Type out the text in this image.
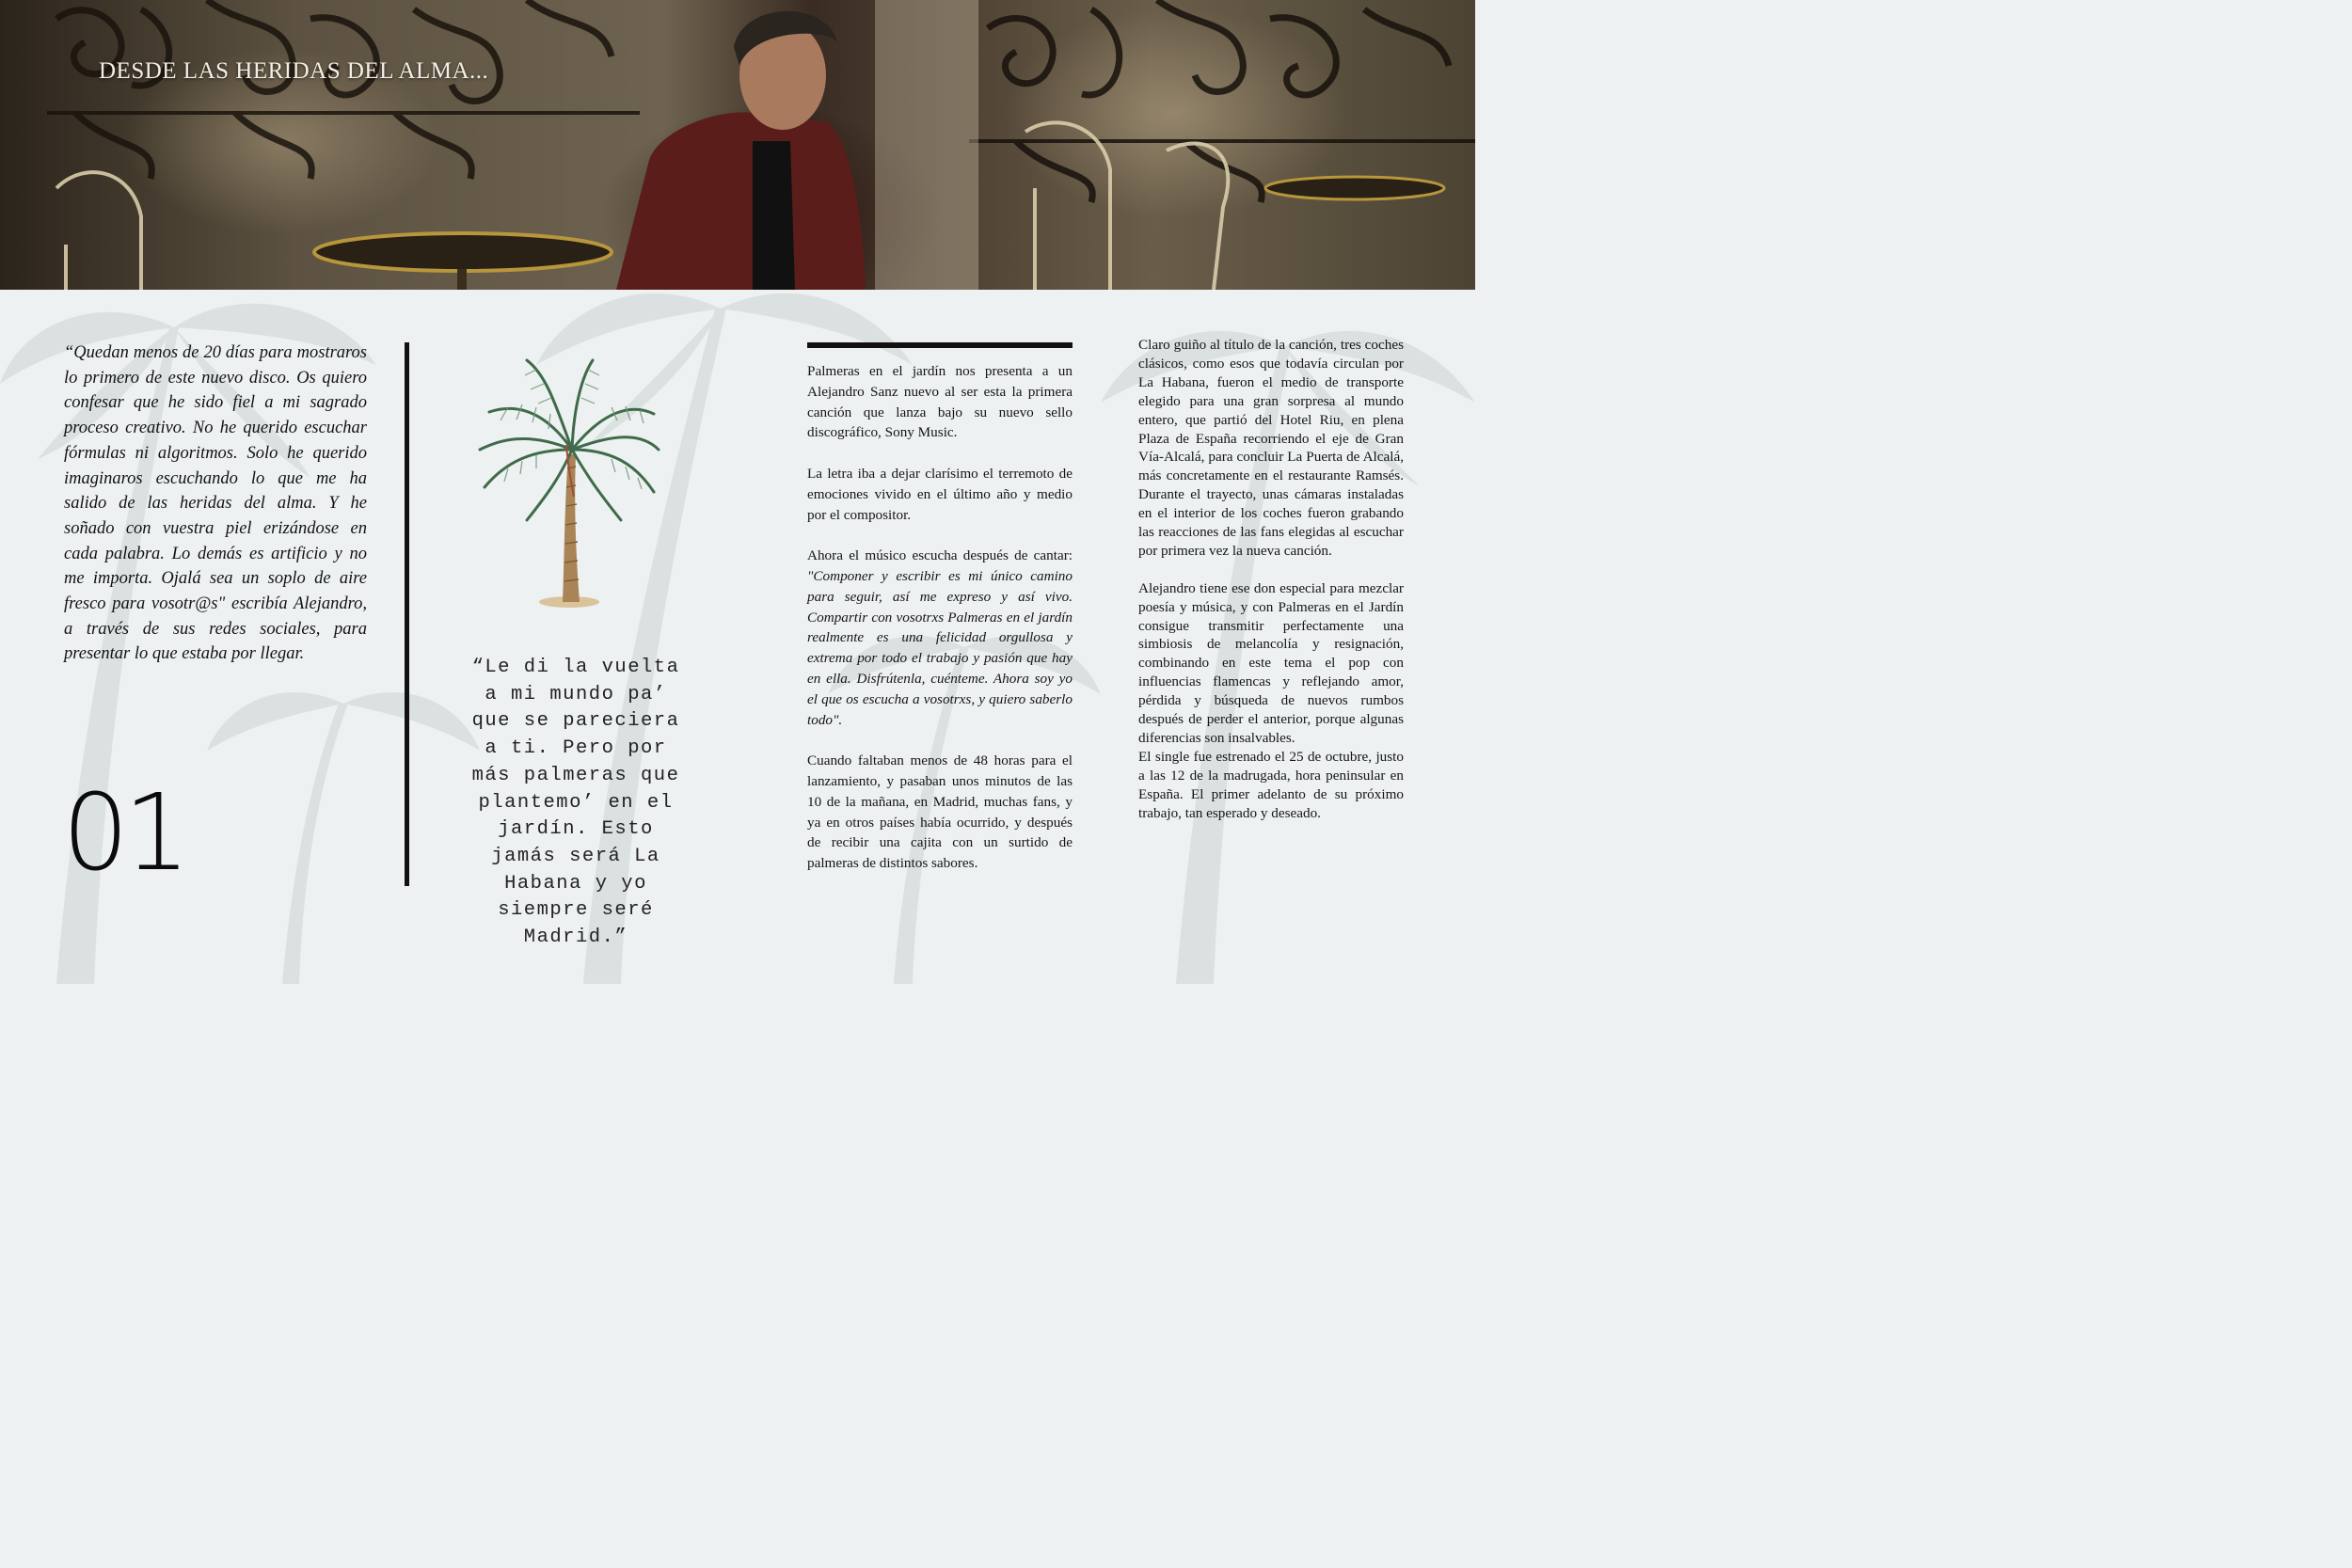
DESDE LAS HERIDAS DEL ALMA...
“Quedan menos de 20 días para mostraros lo primero de este nuevo disco. Os quiero confesar que he sido fiel a mi sagrado proceso creativo. No he querido escuchar fórmulas ni algoritmos. Solo he querido imaginaros escuchando lo que me ha salido de las heridas del alma. Y he soñado con vuestra piel erizándose en cada palabra. Lo demás es artificio y no me importa. Ojalá sea un soplo de aire fresco para vosotr@s" escribía Alejandro, a través de sus redes sociales, para presentar lo que estaba por llegar.
01
“Le di la vuelta a mi mundo pa’ que se pareciera a ti. Pero por más palmeras que plantemo’ en el jardín. Esto jamás será La Habana y yo siempre seré Madrid.”

Palmeras en el jardín nos presenta a un Alejandro Sanz nuevo al ser esta la primera canción que lanza bajo su nuevo sello discográfico, Sony Music.

La letra iba a dejar clarísimo el terremoto de emociones vivido en el último año y medio por el compositor.

Ahora el músico escucha después de cantar: "Componer y escribir es mi único camino para seguir, así me expreso y así vivo. Compartir con vosotrxs Palmeras en el jardín realmente es una felicidad orgullosa y extrema por todo el trabajo y pasión que hay en ella. Disfrútenla, cuénteme. Ahora soy yo el que os escucha a vosotrxs, y quiero saberlo todo".

Cuando faltaban menos de 48 horas para el lanzamiento, y pasaban unos minutos de las 10 de la mañana, en Madrid, muchas fans, y ya en otros países había ocurrido, y después de recibir una cajita con un surtido de palmeras de distintos sabores.

Claro guiño al título de la canción, tres coches clásicos, como esos que todavía circulan por La Habana, fueron el medio de transporte elegido para una gran sorpresa al mundo entero, que partió del Hotel Riu, en plena Plaza de España recorriendo el eje de Gran Vía-Alcalá, para concluir La Puerta de Alcalá, más concretamente en el restaurante Ramsés. Durante el trayecto, unas cámaras instaladas en el interior de los coches fueron grabando las reacciones de las fans elegidas al escuchar por primera vez la nueva canción.

Alejandro tiene ese don especial para mezclar poesía y música, y con Palmeras en el Jardín consigue transmitir perfectamente una simbiosis de melancolía y resignación, combinando en este tema el pop con influencias flamencas y reflejando amor, pérdida y búsqueda de nuevos rumbos después de perder el anterior, porque algunas diferencias son insalvables.

El single fue estrenado el 25 de octubre, justo a las 12 de la madrugada, hora peninsular en España. El primer adelanto de su próximo trabajo, tan esperado y deseado.
